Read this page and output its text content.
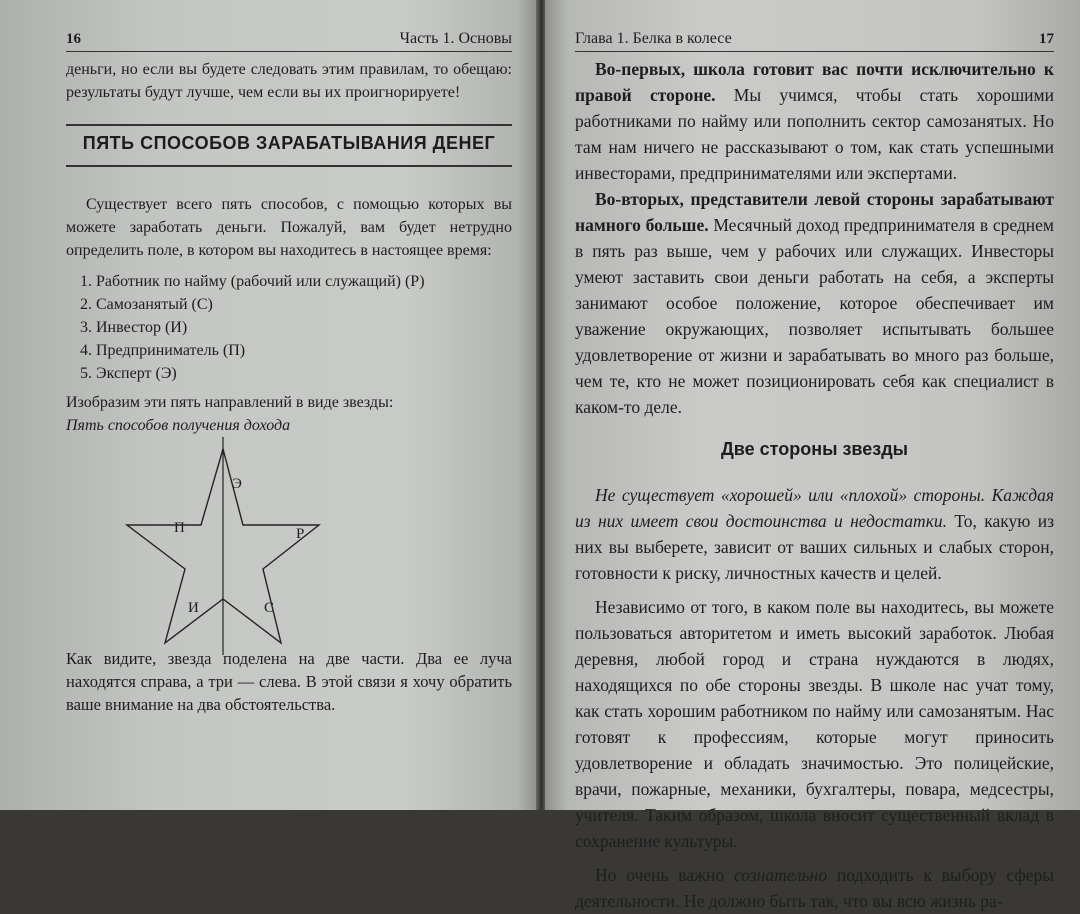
16	Часть 1. Основы

деньги, но если вы будете следовать этим правилам, то обещаю: результаты будут лучше, чем если вы их проигнорируете!

ПЯТЬ СПОСОБОВ ЗАРАБАТЫВАНИЯ ДЕНЕГ

Существует всего пять способов, с помощью которых вы можете заработать деньги. Пожалуй, вам будет нетрудно определить поле, в котором вы находитесь в настоящее время:

1. Работник по найму (рабочий или служащий) (Р)
2. Самозанятый (С)
3. Инвестор (И)
4. Предприниматель (П)
5. Эксперт (Э)

Изобразим эти пять направлений в виде звезды:

Пять способов получения дохода

Э
П	Р
И	С

Как видите, звезда поделена на две части. Два ее луча находятся справа, а три — слева. В этой связи я хочу обратить ваше внимание на два обстоятельства.

Глава 1. Белка в колесе	17

Во-первых, школа готовит вас почти исключительно к правой стороне. Мы учимся, чтобы стать хорошими работниками по найму или пополнить сектор самозанятых. Но там нам ничего не рассказывают о том, как стать успешными инвесторами, предпринимателями или экспертами.

Во-вторых, представители левой стороны зарабатывают намного больше. Месячный доход предпринимателя в среднем в пять раз выше, чем у рабочих или служащих. Инвесторы умеют заставить свои деньги работать на себя, а эксперты занимают особое положение, которое обеспечивает им уважение окружающих, позволяет испытывать большее удовлетворение от жизни и зарабатывать во много раз больше, чем те, кто не может позиционировать себя как специалист в каком-то деле.

Две стороны звезды

Не существует «хорошей» или «плохой» стороны. Каждая из них имеет свои достоинства и недостатки. То, какую из них вы выберете, зависит от ваших сильных и слабых сторон, готовности к риску, личностных качеств и целей.

Независимо от того, в каком поле вы находитесь, вы можете пользоваться авторитетом и иметь высокий заработок. Любая деревня, любой город и страна нуждаются в людях, находящихся по обе стороны звезды. В школе нас учат тому, как стать хорошим работником по найму или самозанятым. Нас готовят к профессиям, которые могут приносить удовлетворение и обладать значимостью. Это полицейские, врачи, пожарные, механики, бухгалтеры, повара, медсестры, учителя. Таким образом, школа вносит существенный вклад в сохранение культуры.

Но очень важно сознательно подходить к выбору сферы деятельности. Не должно быть так, что вы всю жизнь ра-
